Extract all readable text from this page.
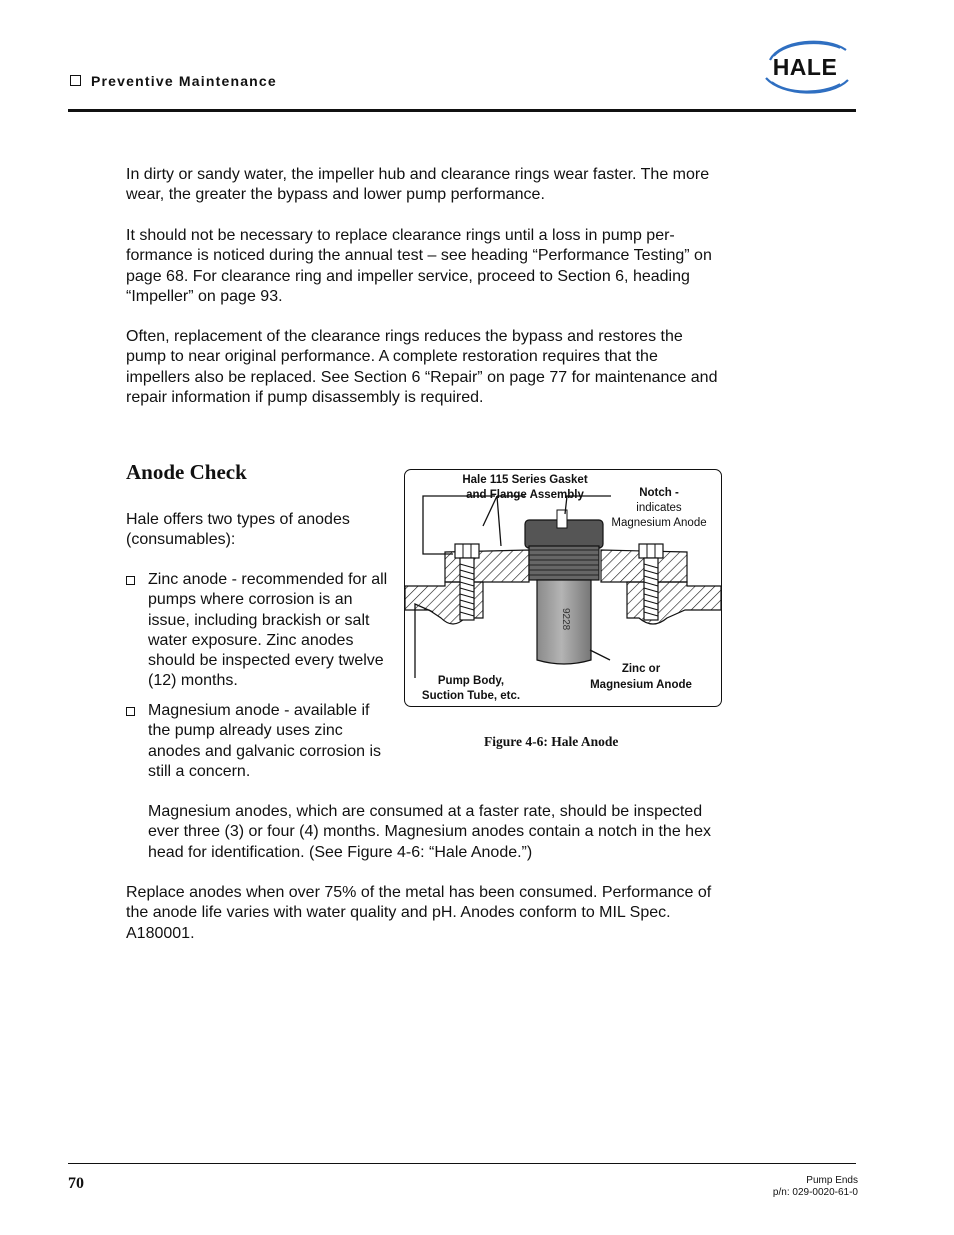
Preventive Maintenance
HALE

In dirty or sandy water, the impeller hub and clearance rings wear faster. The more wear, the greater the bypass and lower pump performance.

It should not be necessary to replace clearance rings until a loss in pump performance is noticed during the annual test – see heading “Performance Testing” on page 68. For clearance ring and impeller service, proceed to Section 6, heading “Impeller” on page 93.

Often, replacement of the clearance rings reduces the bypass and restores the pump to near original performance. A complete restoration requires that the impellers also be replaced. See Section 6 “Repair” on page 77 for maintenance and repair information if pump disassembly is required.

Anode Check

Hale offers two types of anodes (consumables):

Zinc anode - recommended for all pumps where corrosion is an issue, including brackish or salt water exposure. Zinc anodes should be inspected every twelve (12) months.
Magnesium anode - available if the pump already uses zinc anodes and galvanic corrosion is still a concern.

Magnesium anodes, which are consumed at a faster rate, should be inspected ever three (3) or four (4) months. Magnesium anodes contain a notch in the hex head for identification. (See Figure 4-6: “Hale Anode.”)

Replace anodes when over 75% of the metal has been consumed. Performance of the anode life varies with water quality and pH. Anodes conform to MIL Spec. A180001.

9228
Hale 115 Series Gasket
and Flange Assembly	Notch -
indicates
Magnesium Anode
Pump Body,
Suction Tube, etc.
Zinc or
Magnesium Anode
Figure 4-6: Hale Anode
70	Pump Ends
p/n: 029-0020-61-0
